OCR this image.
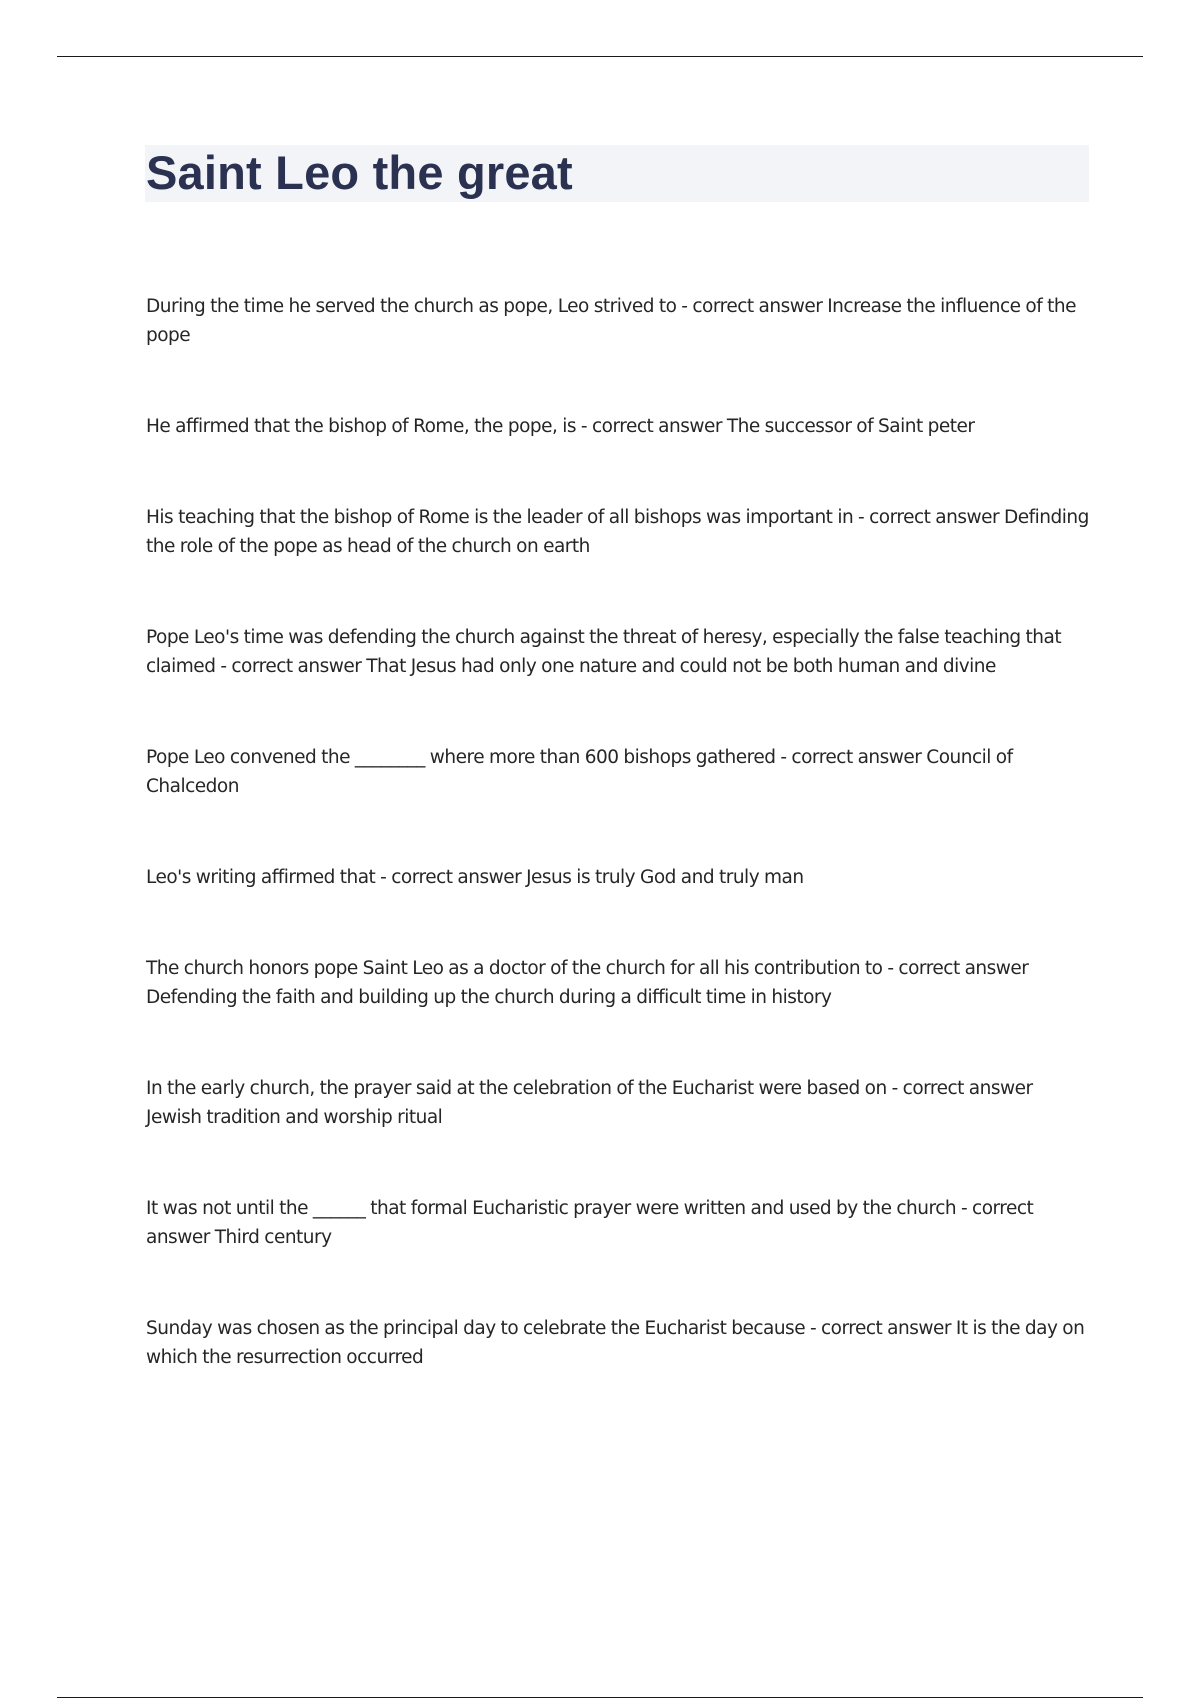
Saint Leo the great
During the time he served the church as pope, Leo strived to - correct answer Increase the influence of the pope
He affirmed that the bishop of Rome, the pope, is - correct answer The successor of Saint peter
His teaching that the bishop of Rome is the leader of all bishops was important in - correct answer Definding the role of the pope as head of the church on earth
Pope Leo's time was defending the church against the threat of heresy, especially the false teaching that claimed - correct answer That Jesus had only one nature and could not be both human and divine
Pope Leo convened the ________ where more than 600 bishops gathered - correct answer Council of Chalcedon
Leo's writing affirmed that - correct answer Jesus is truly God and truly man
The church honors pope Saint Leo as a doctor of the church for all his contribution to - correct answer Defending the faith and building up the church during a difficult time in history
In the early church, the prayer said at the celebration of the Eucharist were based on - correct answer Jewish tradition and worship ritual
It was not until the ______ that formal Eucharistic prayer were written and used by the church - correct answer Third century
Sunday was chosen as the principal day to celebrate the Eucharist because - correct answer It is the day on which the resurrection occurred
